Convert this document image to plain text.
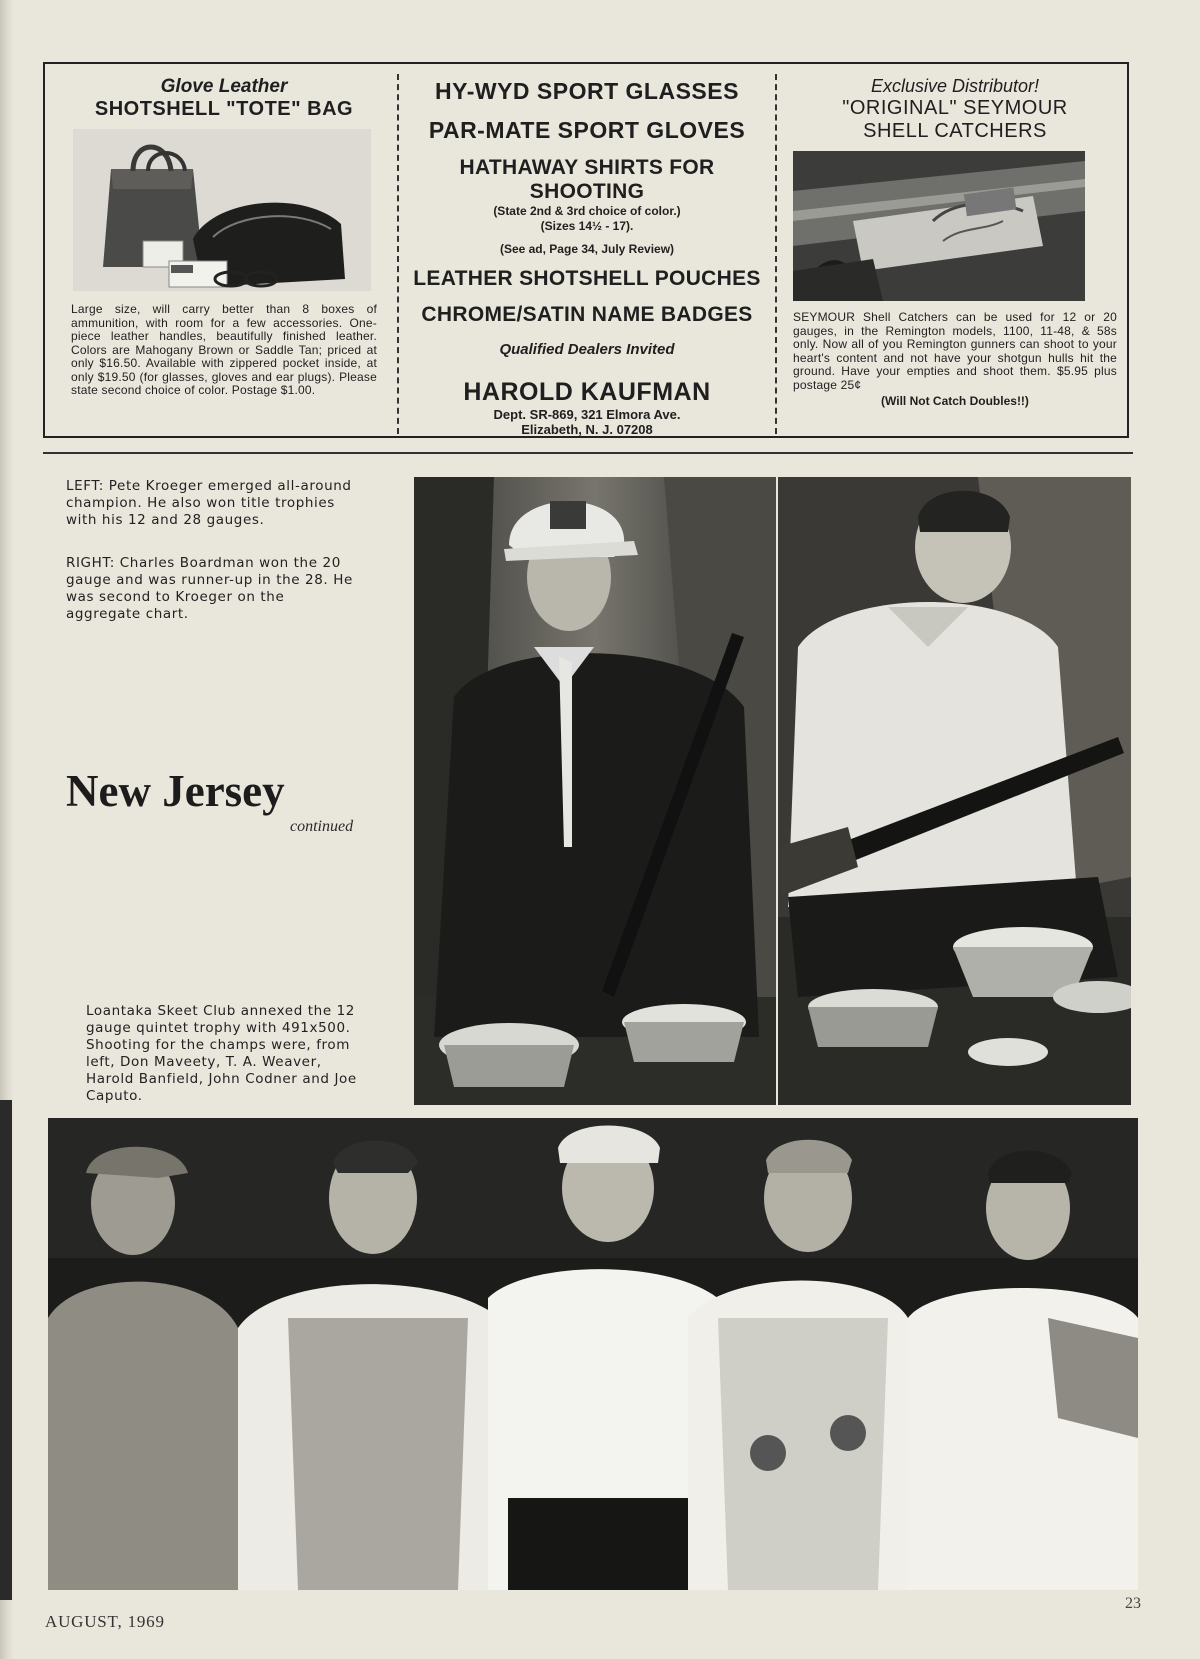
Glove Leather
SHOTSHELL "TOTE" BAG
Large size, will carry better than 8 boxes of ammunition, with room for a few accessories. One-piece leather handles, beautifully finished leather. Colors are Mahogany Brown or Saddle Tan; priced at only $16.50. Available with zippered pocket inside, at only $19.50 (for glasses, gloves and ear plugs). Please state second choice of color. Postage $1.00.
HY-WYD SPORT GLASSES
PAR-MATE SPORT GLOVES
HATHAWAY SHIRTS FOR SHOOTING
(State 2nd & 3rd choice of color.)
(Sizes 14½ - 17).
(See ad, Page 34, July Review)
LEATHER SHOTSHELL POUCHES
CHROME/SATIN NAME BADGES
Qualified Dealers Invited
HAROLD KAUFMAN
Dept. SR-869, 321 Elmora Ave.
Elizabeth, N. J. 07208
Exclusive Distributor!
"ORIGINAL" SEYMOUR
SHELL CATCHERS
SEYMOUR Shell Catchers can be used for 12 or 20 gauges, in the Remington models, 1100, 11-48, & 58s only. Now all of you Remington gunners can shoot to your heart's content and not have your shotgun hulls hit the ground. Have your empties and shoot them. $5.95 plus postage 25¢
(Will Not Catch Doubles!!)
LEFT: Pete Kroeger emerged all-around champion. He also won title trophies with his 12 and 28 gauges.
RIGHT: Charles Boardman won the 20 gauge and was runner-up in the 28. He was second to Kroeger on the aggregate chart.
New Jersey
continued
Loantaka Skeet Club annexed the 12 gauge quintet trophy with 491x500. Shooting for the champs were, from left, Don Maveety, T. A. Weaver, Harold Banfield, John Codner and Joe Caputo.
AUGUST, 1969
23
